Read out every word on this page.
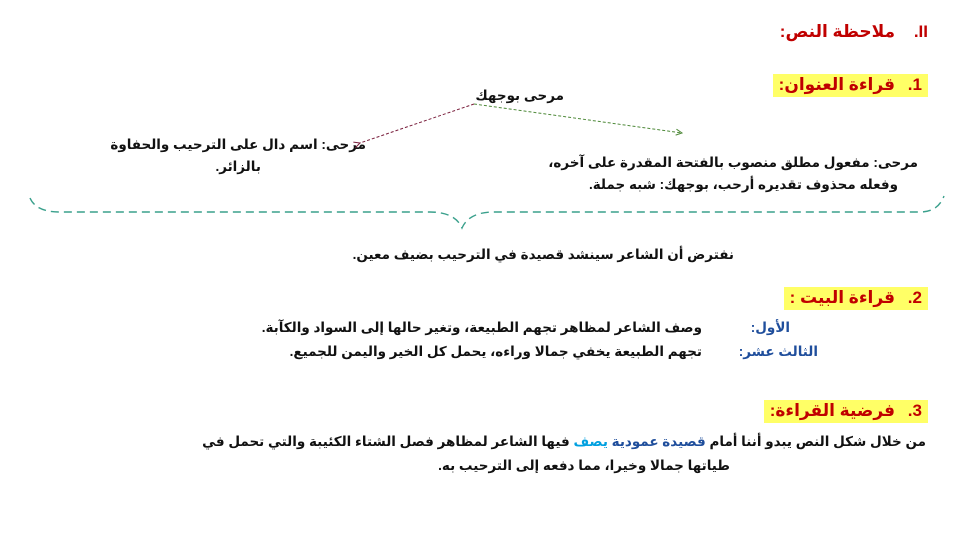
II. ملاحظة النص:
1. قراءة العنوان:
مرحى بوجهك
مرحى: مفعول مطلق منصوب بالفتحة المقدرة على آخره،
وفعله محذوف تقديره أرحب، بوجهك: شبه جملة.
مرحى: اسم دال على الترحيب والحفاوة
بالزائر.
نفترض أن الشاعر سينشد قصيدة في الترحيب بضيف معين.
2. قراءة البيت :
الأول:
وصف الشاعر لمظاهر تجهم الطبيعة، وتغير حالها إلى السواد والكآبة.
الثالث عشر:
تجهم الطبيعة يخفي جمالا وراءه، يحمل كل الخير واليمن للجميع.
3. فرضية القراءة:
من خلال شكل النص يبدو أننا أمام قصيدة عمودية يصف فيها الشاعر لمظاهر فصل الشتاء الكئيبة والتي تحمل في
طياتها جمالا وخيرا، مما دفعه إلى الترحيب به.
